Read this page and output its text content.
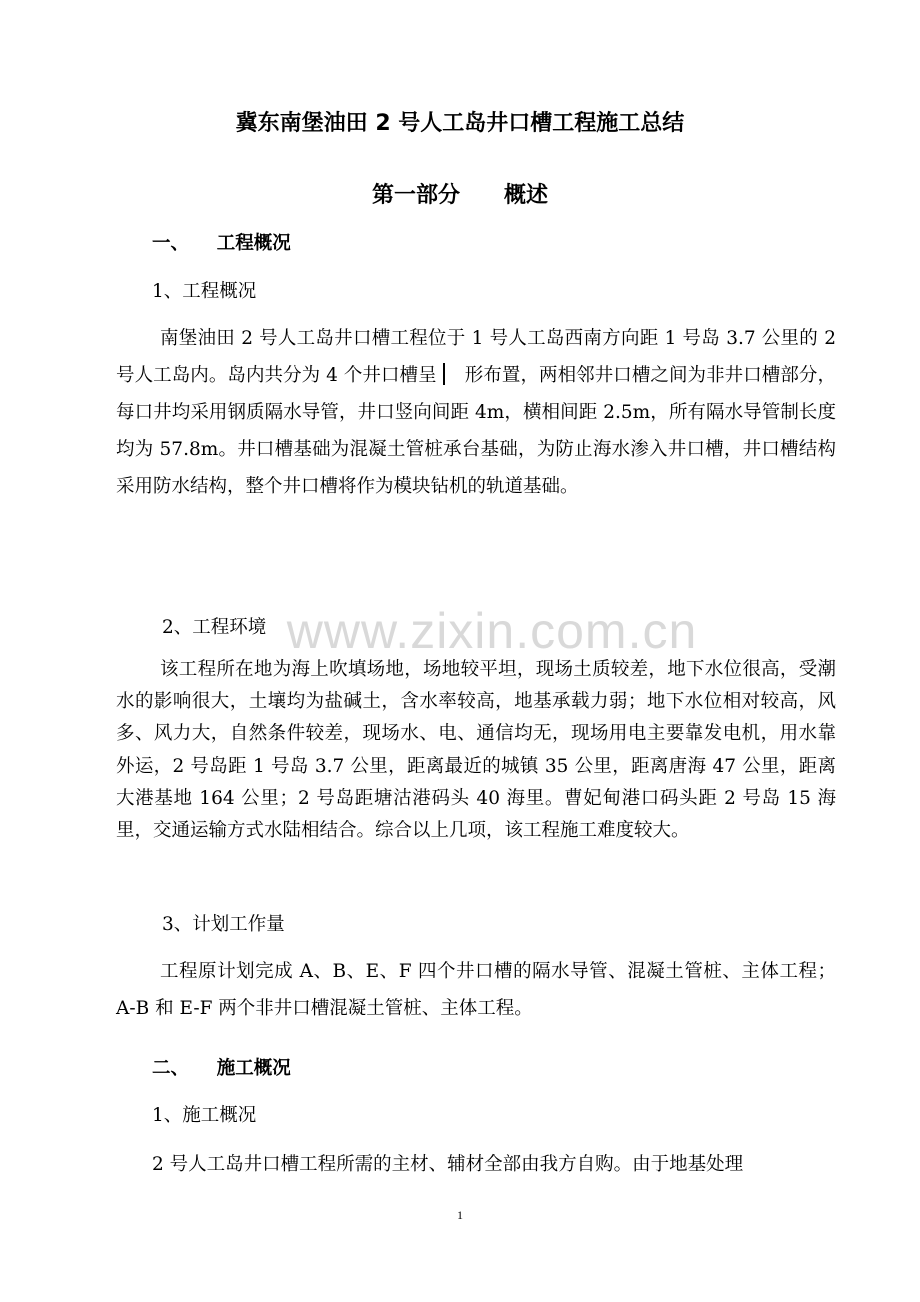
www.zixin.com.cn
冀东南堡油田 2 号人工岛井口槽工程施工总结
第一部分　　概述
一、　　工程概况
1、工程概况

南堡油田 2 号人工岛井口槽工程位于 1 号人工岛西南方向距 1 号岛 3.7 公里的 2 号人工岛内。岛内共分为 4 个井口槽呈 形布置，两相邻井口槽之间为非井口槽部分，每口井均采用钢质隔水导管，井口竖向间距 4m，横相间距 2.5m，所有隔水导管制长度均为 57.8m。井口槽基础为混凝土管桩承台基础，为防止海水渗入井口槽，井口槽结构采用防水结构，整个井口槽将作为模块钻机的轨道基础。

2、工程环境

该工程所在地为海上吹填场地，场地较平坦，现场土质较差，地下水位很高，受潮水的影响很大，土壤均为盐碱土，含水率较高，地基承载力弱；地下水位相对较高，风多、风力大，自然条件较差，现场水、电、通信均无，现场用电主要靠发电机，用水靠外运，2 号岛距 1 号岛 3.7 公里，距离最近的城镇 35 公里，距离唐海 47 公里，距离大港基地 164 公里；2 号岛距塘沽港码头 40 海里。曹妃甸港口码头距 2 号岛 15 海里，交通运输方式水陆相结合。综合以上几项，该工程施工难度较大。

3、计划工作量

工程原计划完成 A、B、E、F 四个井口槽的隔水导管、混凝土管桩、主体工程；A-B 和 E-F 两个非井口槽混凝土管桩、主体工程。

二、　　施工概况
1、施工概况

2 号人工岛井口槽工程所需的主材、辅材全部由我方自购。由于地基处理

1
